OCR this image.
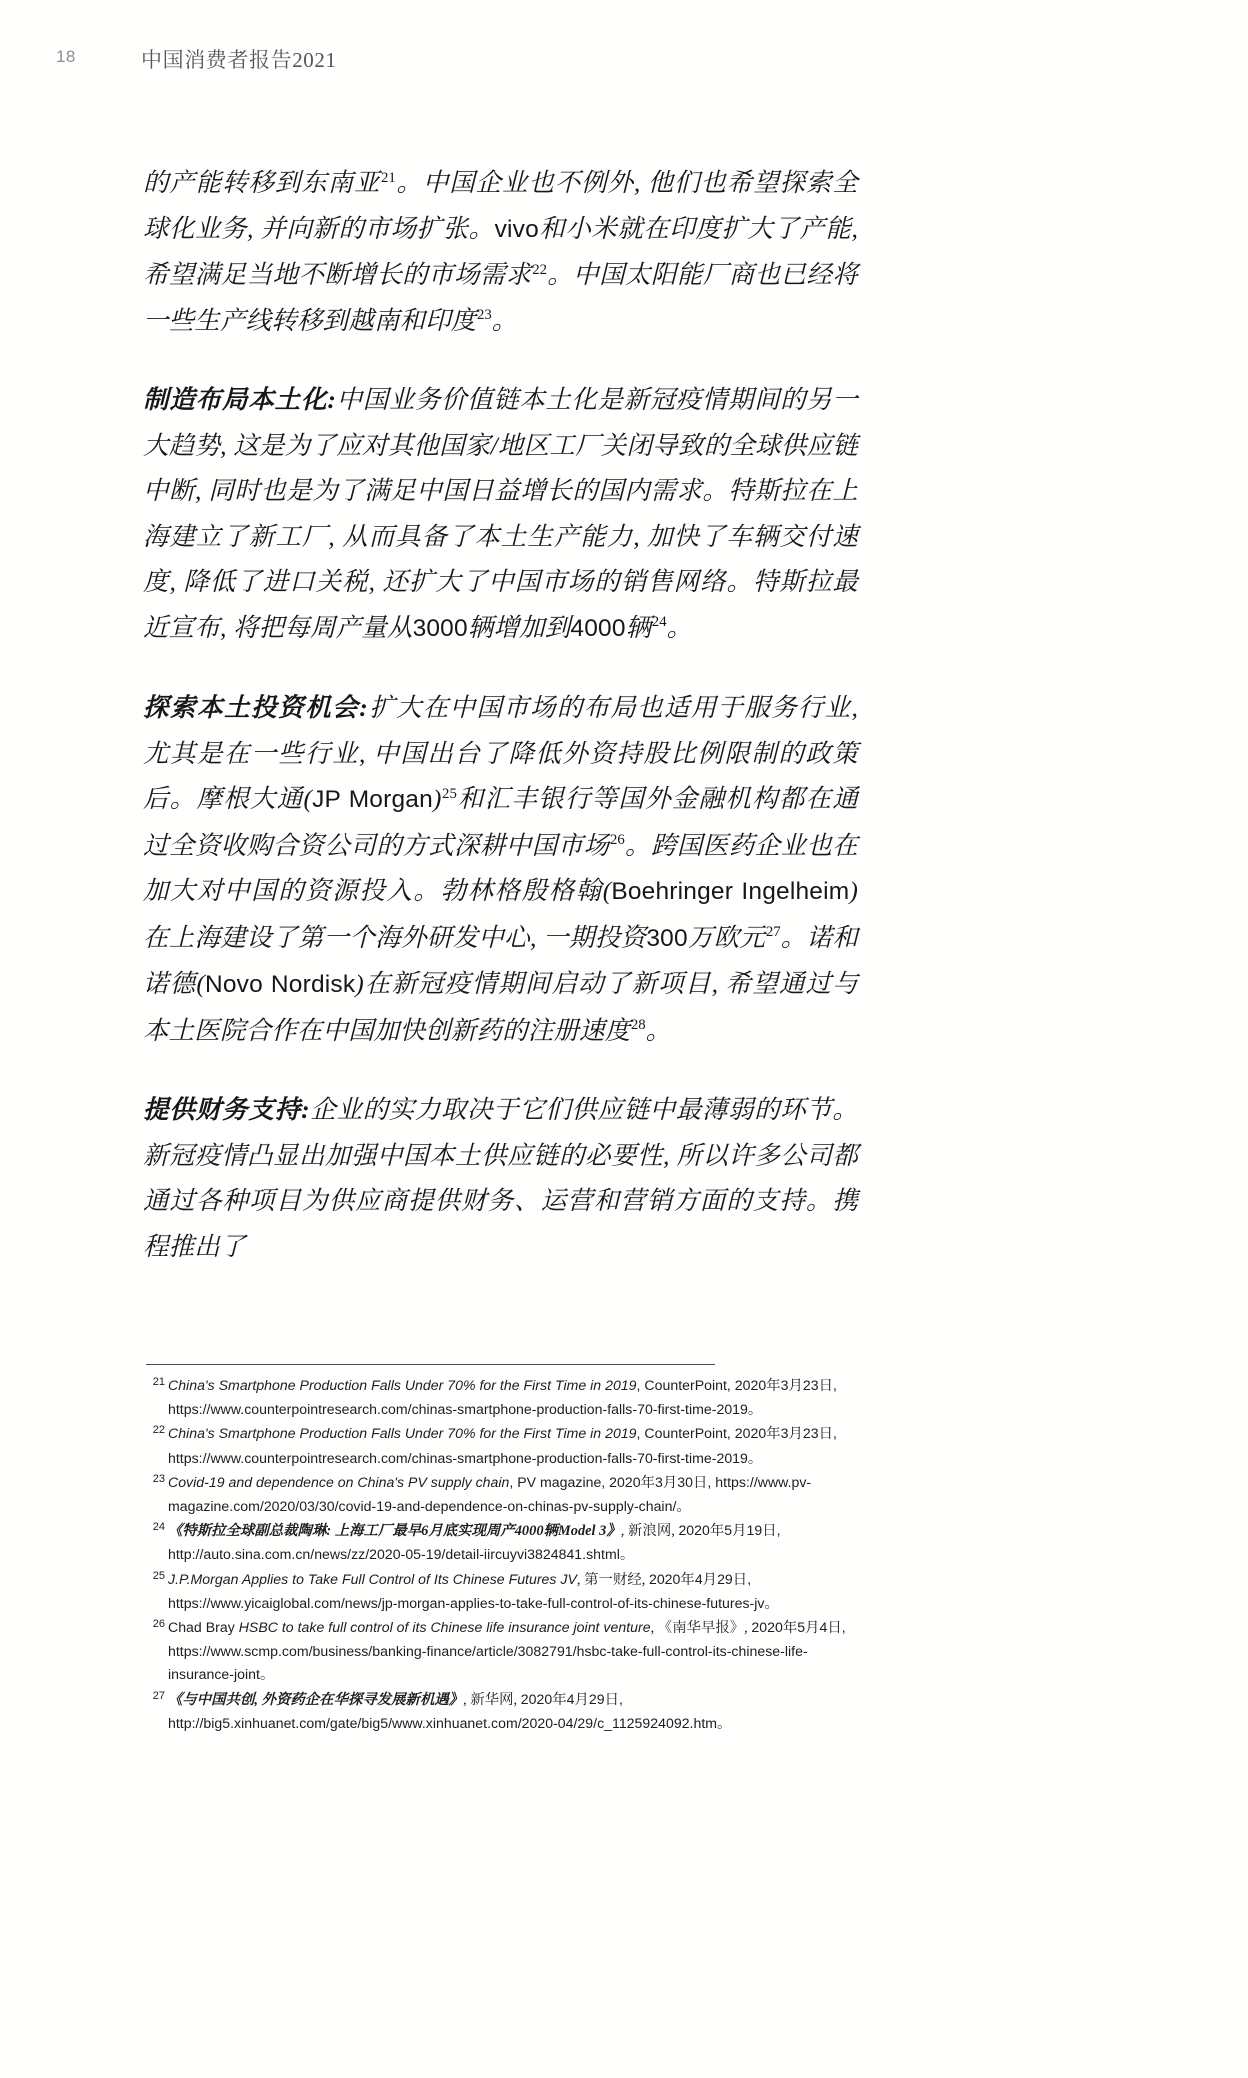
18	中国消费者报告2021

的产能转移到东南亚$^{21}$。中国企业也不例外, 他们也希望探索全球化业务, 并向新的市场扩张。vivo和小米就在印度扩大了产能, 希望满足当地不断增长的市场需求$^{22}$。中国太阳能厂商也已经将一些生产线转移到越南和印度$^{23}$。

制造布局本土化:中国业务价值链本土化是新冠疫情期间的另一大趋势, 这是为了应对其他国家/地区工厂关闭导致的全球供应链中断, 同时也是为了满足中国日益增长的国内需求。特斯拉在上海建立了新工厂, 从而具备了本土生产能力, 加快了车辆交付速度, 降低了进口关税, 还扩大了中国市场的销售网络。特斯拉最近宣布, 将把每周产量从3000辆增加到4000辆$^{24}$。

探索本土投资机会:扩大在中国市场的布局也适用于服务行业, 尤其是在一些行业, 中国出台了降低外资持股比例限制的政策后。摩根大通(JP Morgan)$^{25}$和汇丰银行等国外金融机构都在通过全资收购合资公司的方式深耕中国市场$^{26}$。跨国医药企业也在加大对中国的资源投入。勃林格殷格翰(Boehringer Ingelheim)在上海建设了第一个海外研发中心, 一期投资300万欧元$^{27}$。诺和诺德(Novo Nordisk)在新冠疫情期间启动了新项目, 希望通过与本土医院合作在中国加快创新药的注册速度$^{28}$。

提供财务支持:企业的实力取决于它们供应链中最薄弱的环节。新冠疫情凸显出加强中国本土供应链的必要性, 所以许多公司都通过各种项目为供应商提供财务、运营和营销方面的支持。携程推出了

21 China's Smartphone Production Falls Under 70% for the First Time in 2019, CounterPoint, 2020年3月23日, https://www.counterpointresearch.com/chinas-smartphone-production-falls-70-first-time-2019。
22 China's Smartphone Production Falls Under 70% for the First Time in 2019, CounterPoint, 2020年3月23日, https://www.counterpointresearch.com/chinas-smartphone-production-falls-70-first-time-2019。
23 Covid-19 and dependence on China's PV supply chain, PV magazine, 2020年3月30日, https://www.pv-magazine.com/2020/03/30/covid-19-and-dependence-on-chinas-pv-supply-chain/。
24 《特斯拉全球副总裁陶琳: 上海工厂最早6月底实现周产4000辆Model 3》, 新浪网, 2020年5月19日, http://auto.sina.com.cn/news/zz/2020-05-19/detail-iircuyvi3824841.shtml。
25 J.P.Morgan Applies to Take Full Control of Its Chinese Futures JV, 第一财经, 2020年4月29日, https://www.yicaiglobal.com/news/jp-morgan-applies-to-take-full-control-of-its-chinese-futures-jv。
26 Chad Bray HSBC to take full control of its Chinese life insurance joint venture, 《南华早报》, 2020年5月4日, https://www.scmp.com/business/banking-finance/article/3082791/hsbc-take-full-control-its-chinese-life-insurance-joint。
27 《与中国共创, 外资药企在华探寻发展新机遇》, 新华网, 2020年4月29日, http://big5.xinhuanet.com/gate/big5/www.xinhuanet.com/2020-04/29/c_1125924092.htm。
